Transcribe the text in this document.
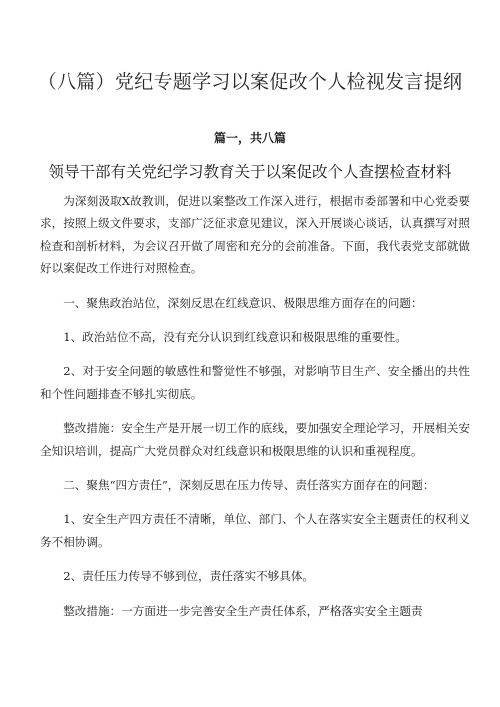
（八篇）党纪专题学习以案促改个人检视发言提纲
篇一，共八篇
领导干部有关党纪学习教育关于以案促改个人查摆检查材料

为深刻汲取X故教训，促进以案整改工作深入进行，根据市委部署和中心党委要求，按照上级文件要求，支部广泛征求意见建议，深入开展谈心谈话，认真撰写对照检查和剖析材料，为会议召开做了周密和充分的会前准备。下面，我代表党支部就做好以案促改工作进行对照检查。

一、聚焦政治站位，深刻反思在红线意识、极限思维方面存在的问题：

1、政治站位不高，没有充分认识到红线意识和极限思维的重要性。

2、对于安全问题的敏感性和警觉性不够强，对影响节目生产、安全播出的共性和个性问题排查不够扎实彻底。

整改措施：安全生产是开展一切工作的底线，要加强安全理论学习，开展相关安全知识培训，提高广大党员群众对红线意识和极限思维的认识和重视程度。

二、聚焦“四方责任”，深刻反思在压力传导、责任落实方面存在的问题：

1、安全生产四方责任不清晰，单位、部门、个人在落实安全主题责任的权利义务不相协调。

2、责任压力传导不够到位，责任落实不够具体。

整改措施：一方面进一步完善安全生产责任体系，严格落实安全主题责
